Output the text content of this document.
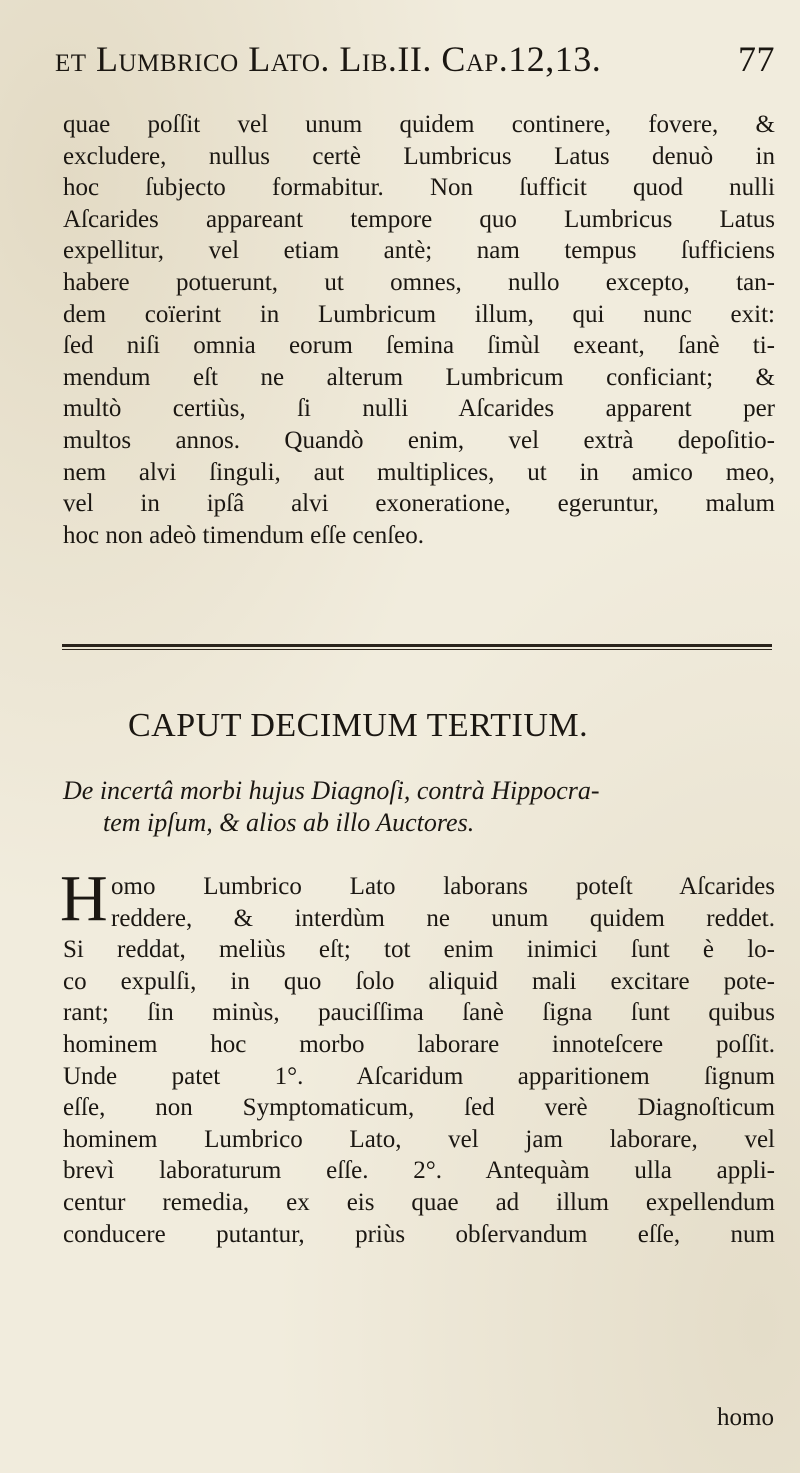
et Lumbrico Lato. Lib.II. Cap.12,13.	77
quae poſſit vel unum quidem continere, fovere, &
excludere, nullus certè Lumbricus Latus denuò in
hoc ſubjecto formabitur. Non ſufficit quod nulli
Aſcarides appareant tempore quo Lumbricus Latus
expellitur, vel etiam antè; nam tempus ſufficiens
habere potuerunt, ut omnes, nullo excepto, tan-
dem coïerint in Lumbricum illum, qui nunc exit:
ſed niſi omnia eorum ſemina ſimùl exeant, ſanè ti-
mendum eſt ne alterum Lumbricum conficiant; &
multò certiùs, ſi nulli Aſcarides apparent per
multos annos. Quandò enim, vel extrà depoſitio-
nem alvi ſinguli, aut multiplices, ut in amico meo,
vel in ipſâ alvi exoneratione, egeruntur, malum
hoc non adeò timendum eſſe cenſeo.
CAPUT DECIMUM TERTIUM.
De incertâ morbi hujus Diagnoſi, contrà Hippocra-
tem ipſum, & alios ab illo Auctores.
H omo Lumbrico Lato laborans poteſt Aſcarides
reddere, & interdùm ne unum quidem reddet.
Si reddat, meliùs eſt; tot enim inimici ſunt è lo-
co expulſi, in quo ſolo aliquid mali excitare pote-
rant; ſin minùs, pauciſſima ſanè ſigna ſunt quibus
hominem hoc morbo laborare innoteſcere poſſit.
Unde patet 1°. Aſcaridum apparitionem ſignum
eſſe, non Symptomaticum, ſed verè Diagnoſticum
hominem Lumbrico Lato, vel jam laborare, vel
brevì laboraturum eſſe. 2°. Antequàm ulla appli-
centur remedia, ex eis quae ad illum expellendum
conducere putantur, priùs obſervandum eſſe, num
homo
